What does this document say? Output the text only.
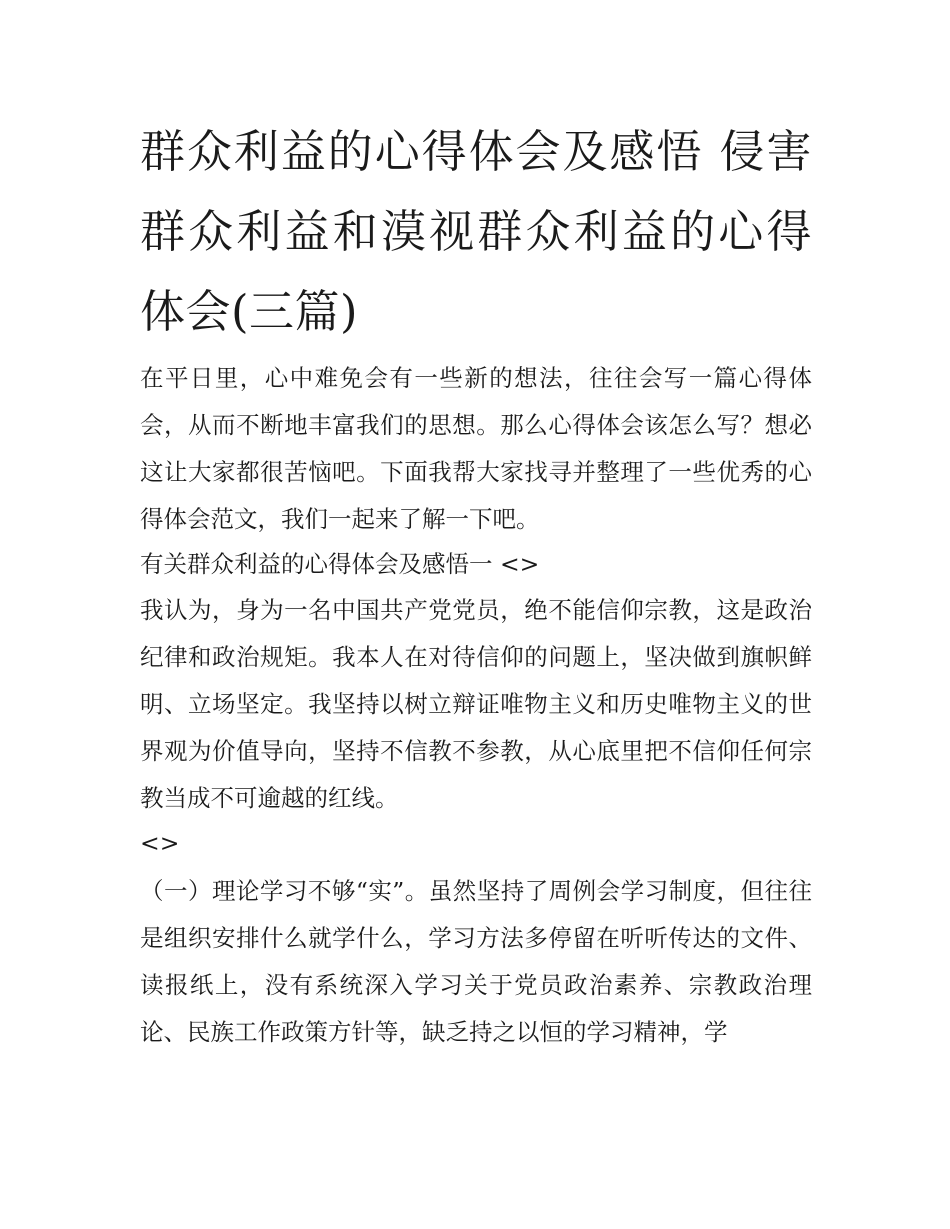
群众利益的心得体会及感悟 侵害群众利益和漠视群众利益的心得体会(三篇)

在平日里，心中难免会有一些新的想法，往往会写一篇心得体会，从而不断地丰富我们的思想。那么心得体会该怎么写？想必这让大家都很苦恼吧。下面我帮大家找寻并整理了一些优秀的心得体会范文，我们一起来了解一下吧。

有关群众利益的心得体会及感悟一 <>

我认为，身为一名中国共产党党员，绝不能信仰宗教，这是政治纪律和政治规矩。我本人在对待信仰的问题上，坚决做到旗帜鲜明、立场坚定。我坚持以树立辩证唯物主义和历史唯物主义的世界观为价值导向，坚持不信教不参教，从心底里把不信仰任何宗教当成不可逾越的红线。

<>

（一）理论学习不够“实”。虽然坚持了周例会学习制度，但往往是组织安排什么就学什么，学习方法多停留在听听传达的文件、读报纸上，没有系统深入学习关于党员政治素养、宗教政治理论、民族工作政策方针等，缺乏持之以恒的学习精神，学
